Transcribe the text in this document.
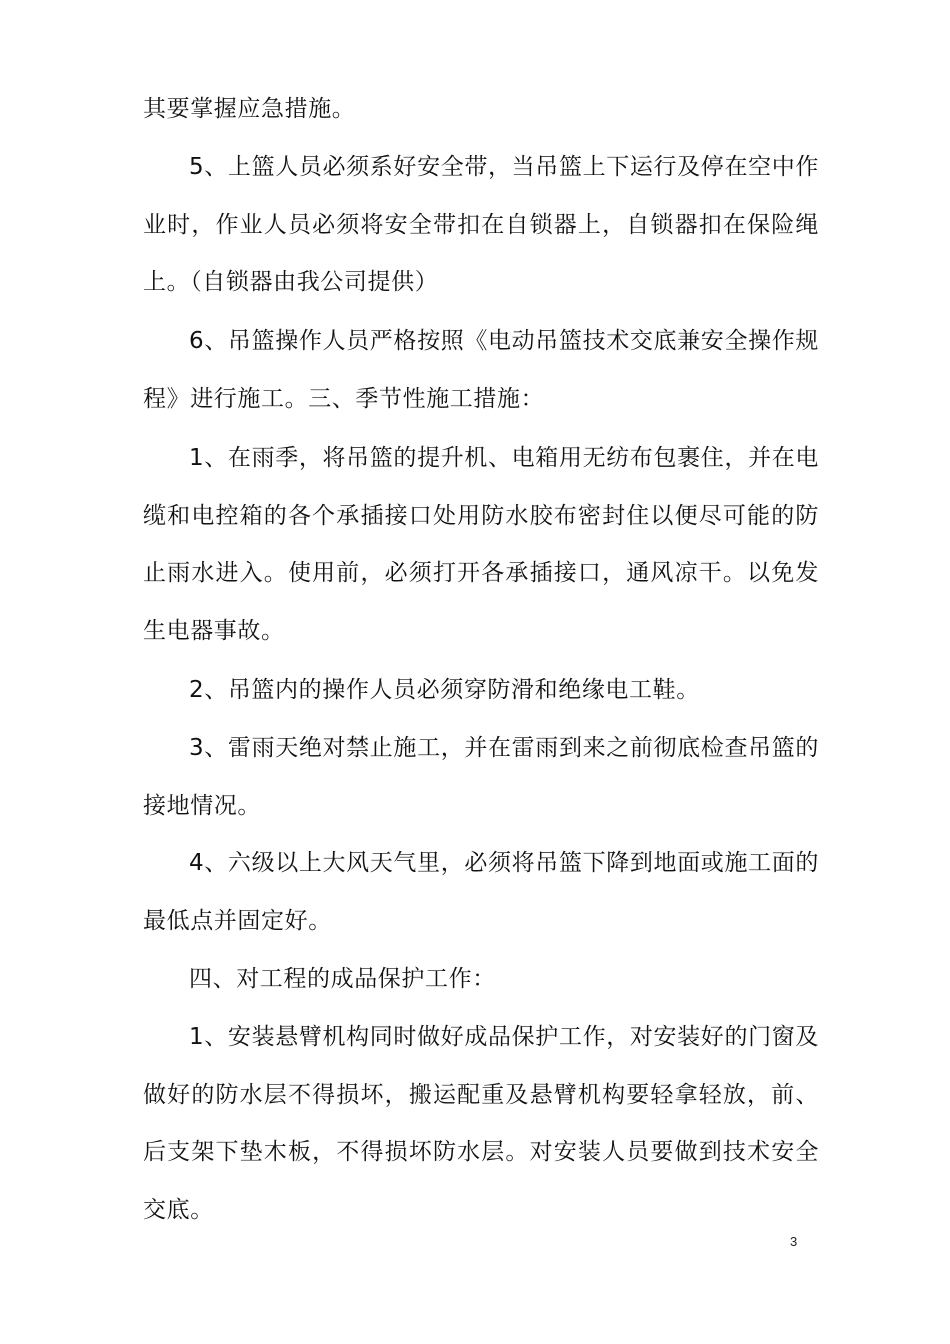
其要掌握应急措施。

5、上篮人员必须系好安全带，当吊篮上下运行及停在空中作业时，作业人员必须将安全带扣在自锁器上，自锁器扣在保险绳上。（自锁器由我公司提供）

6、吊篮操作人员严格按照《电动吊篮技术交底兼安全操作规程》进行施工。三、季节性施工措施：

1、在雨季，将吊篮的提升机、电箱用无纺布包裹住，并在电缆和电控箱的各个承插接口处用防水胶布密封住以便尽可能的防止雨水进入。使用前，必须打开各承插接口，通风凉干。以免发生电器事故。

2、吊篮内的操作人员必须穿防滑和绝缘电工鞋。

3、雷雨天绝对禁止施工，并在雷雨到来之前彻底检查吊篮的接地情况。

4、六级以上大风天气里，必须将吊篮下降到地面或施工面的最低点并固定好。

四、对工程的成品保护工作：

1、安装悬臂机构同时做好成品保护工作，对安装好的门窗及做好的防水层不得损坏，搬运配重及悬臂机构要轻拿轻放，前、后支架下垫木板，不得损坏防水层。对安装人员要做到技术安全交底。

3
